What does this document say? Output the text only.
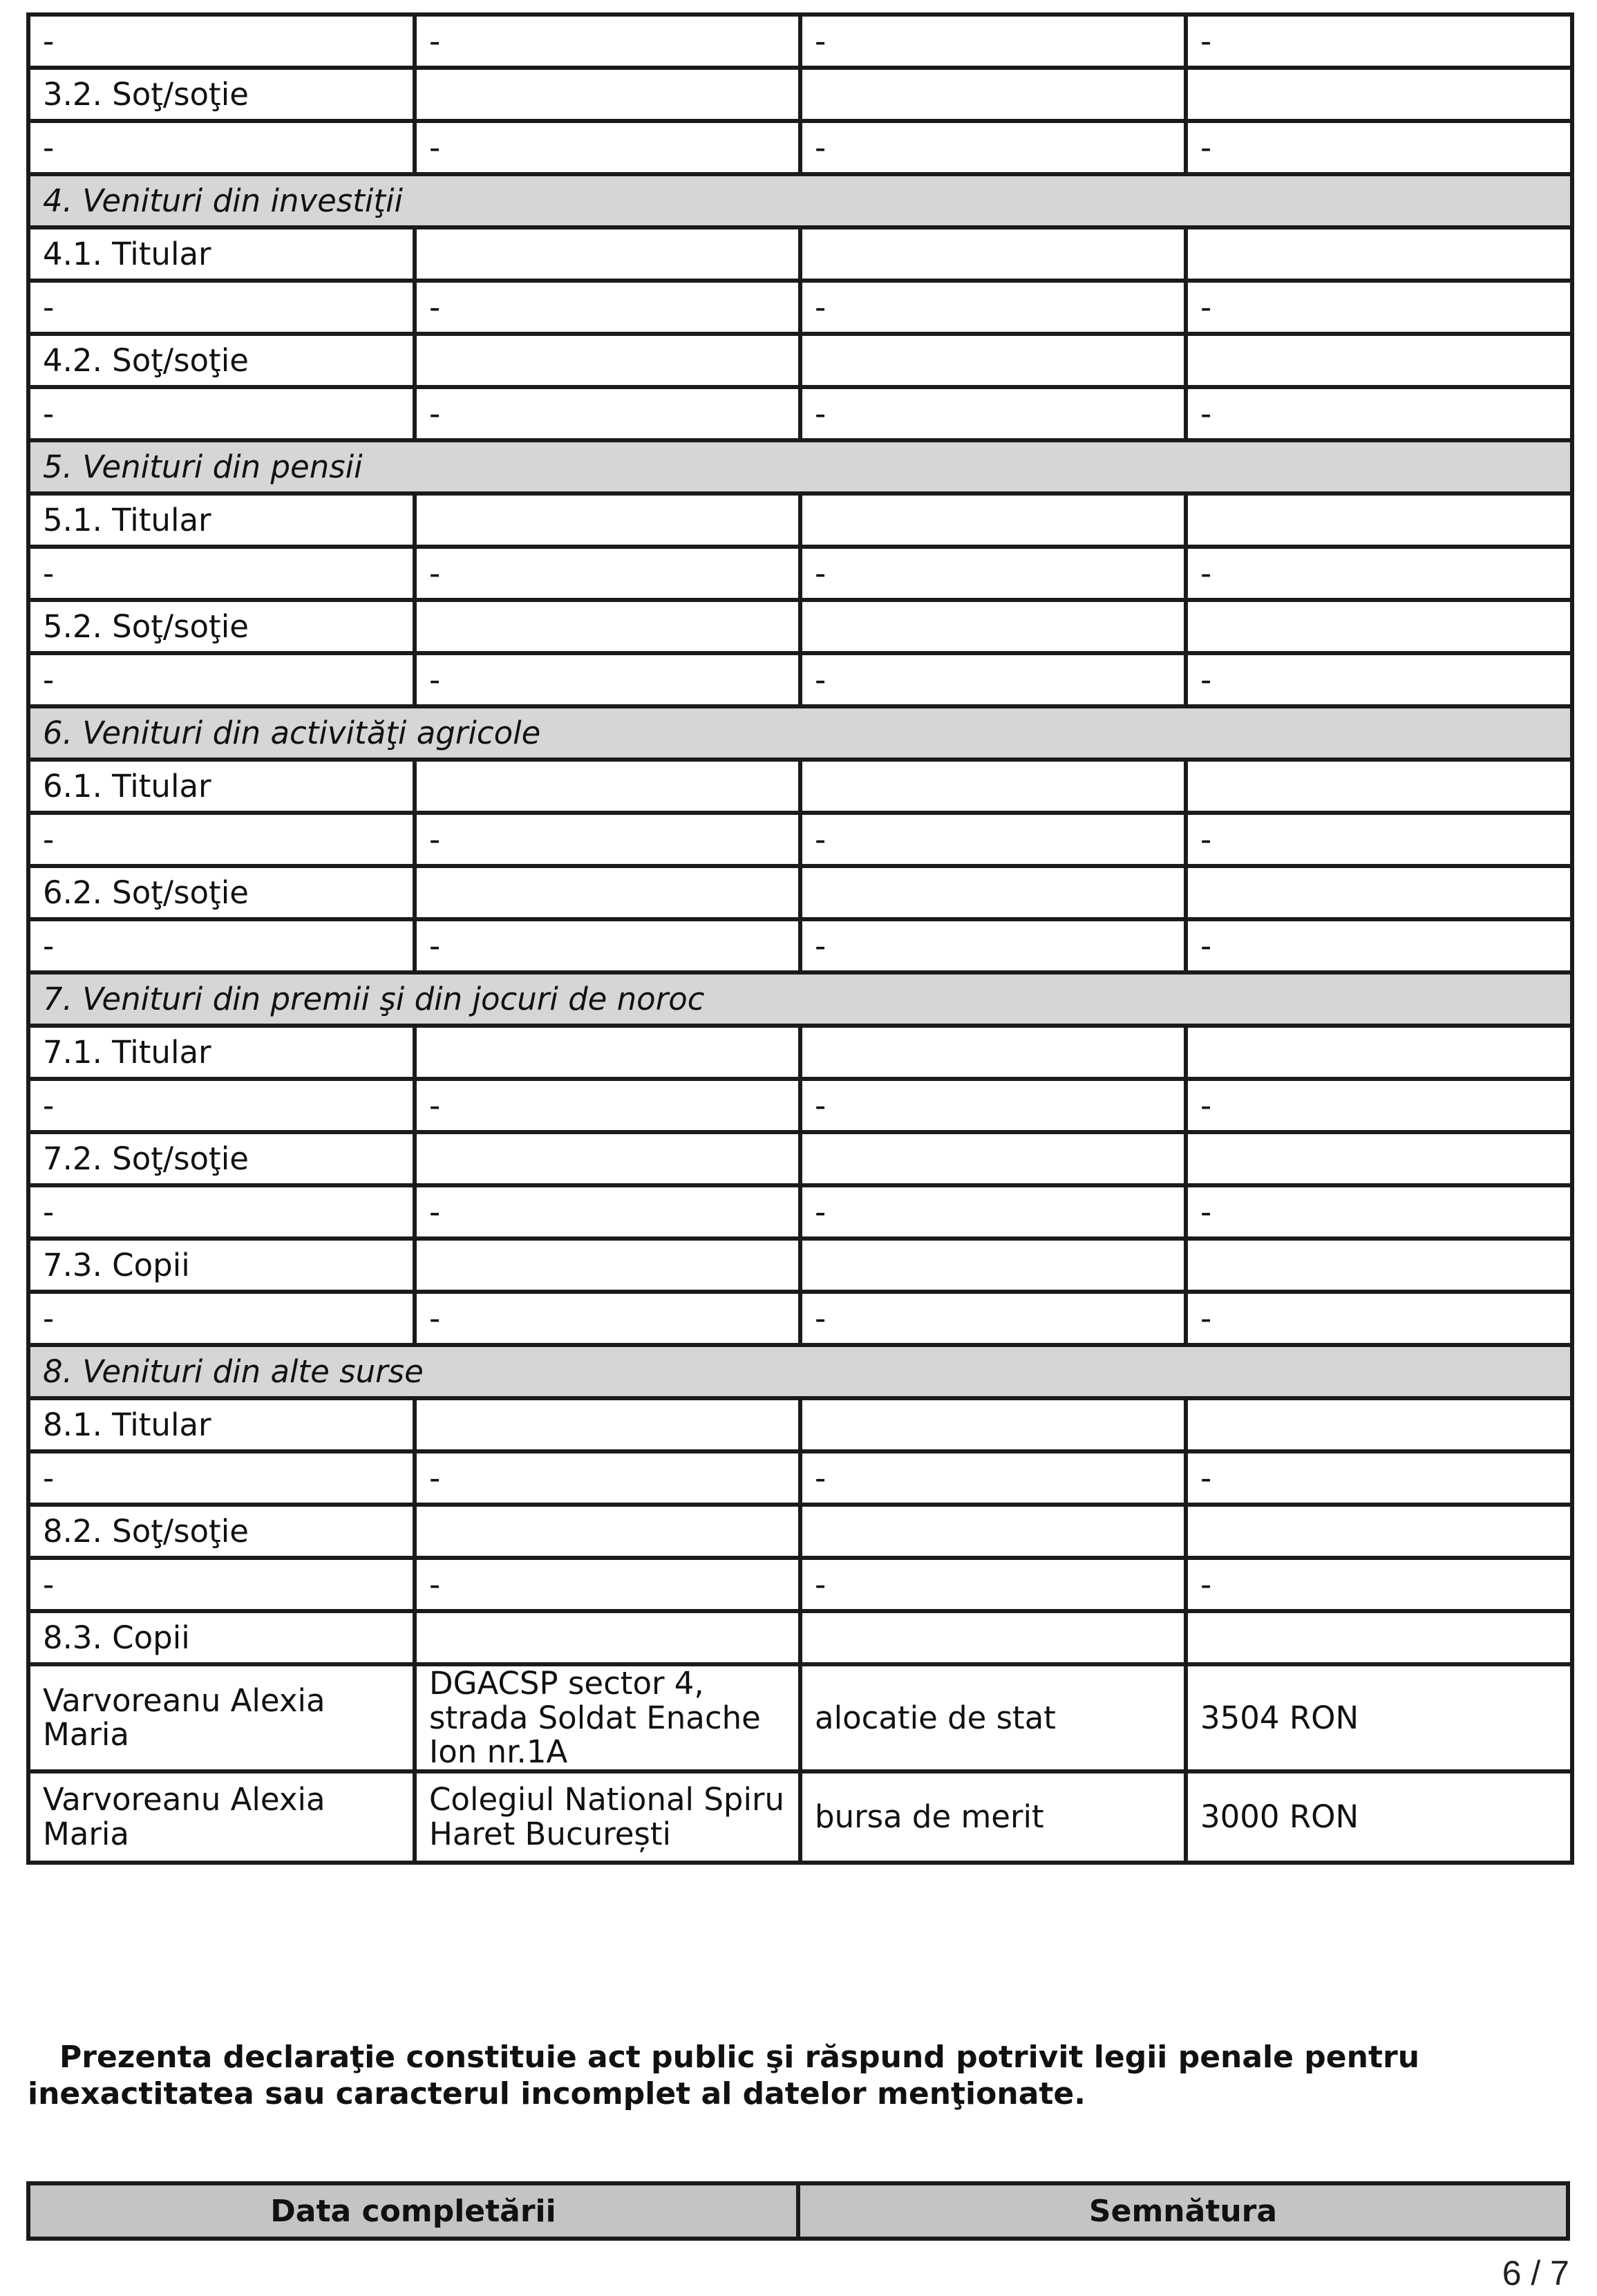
-	-	-	-
3.2. Soţ/soţie			
-	-	-	-
4. Venituri din investiţii			
4.1. Titular			
-	-	-	-
4.2. Soţ/soţie			
-	-	-	-
5. Venituri din pensii			
5.1. Titular			
-	-	-	-
5.2. Soţ/soţie			
-	-	-	-
6. Venituri din activităţi agricole			
6.1. Titular			
-	-	-	-
6.2. Soţ/soţie			
-	-	-	-
7. Venituri din premii şi din jocuri de noroc			
7.1. Titular			
-	-	-	-
7.2. Soţ/soţie			
-	-	-	-
7.3. Copii			
-	-	-	-
8. Venituri din alte surse			
8.1. Titular			
-	-	-	-
8.2. Soţ/soţie			
-	-	-	-
8.3. Copii			
Varvoreanu Alexia Maria	DGACSP sector 4, strada Soldat Enache Ion nr.1A	alocatie de stat	3504 RON
Varvoreanu Alexia Maria	Colegiul National Spiru Haret București	bursa de merit	3000 RON

Prezenta declaraţie constituie act public şi răspund potrivit legii penale pentru inexactitatea sau caracterul incomplet al datelor menţionate.

Data completării	Semnătura
6 / 7
